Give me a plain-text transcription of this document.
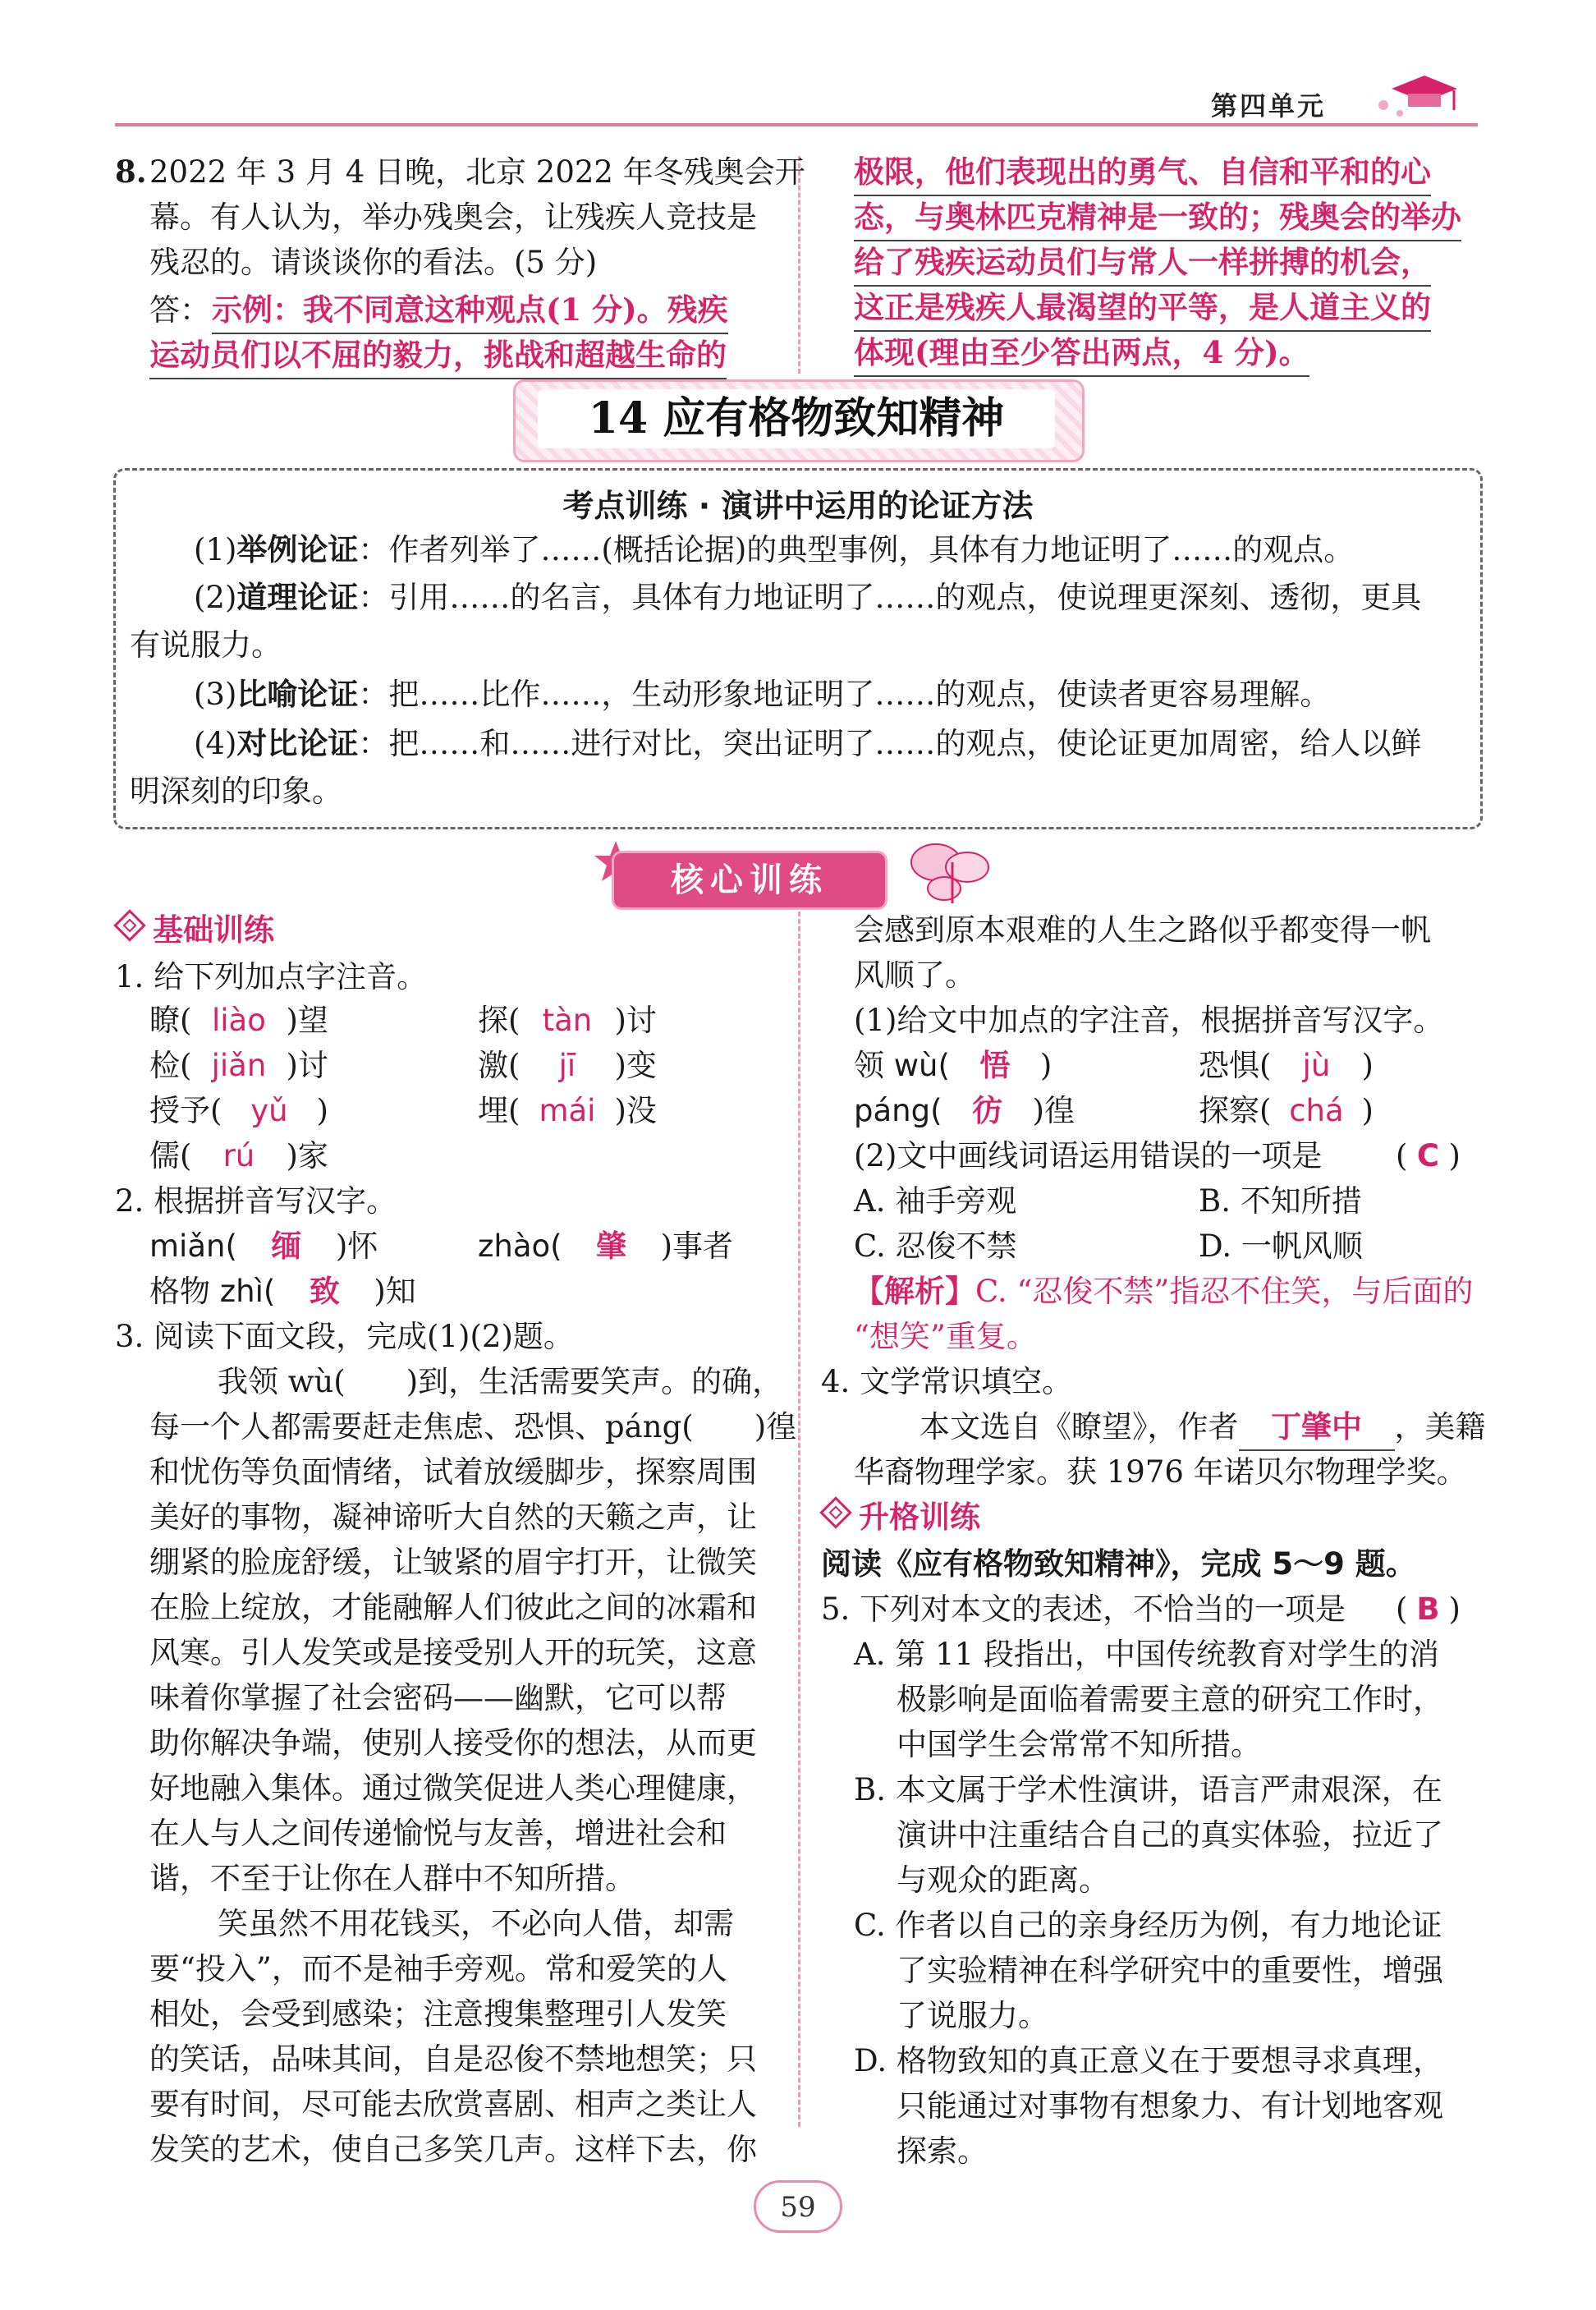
第四单元
8. 2022 年 3 月 4 日晚，北京 2022 年冬残奥会开
幕。有人认为，举办残奥会，让残疾人竞技是
残忍的。请谈谈你的看法。(5 分)
答： 示例：我不同意这种观点(1 分)。残疾
运动员们以不屈的毅力，挑战和超越生命的
极限，他们表现出的勇气、自信和平和的心
态，与奥林匹克精神是一致的；残奥会的举办
给了残疾运动员们与常人一样拼搏的机会，
这正是残疾人最渴望的平等，是人道主义的
体现(理由至少答出两点，4 分)。
14 应有格物致知精神
考点训练 · 演讲中运用的论证方法
(1)举例论证：作者列举了……(概括论据)的典型事例，具体有力地证明了……的观点。
(2)道理论证：引用……的名言，具体有力地证明了……的观点，使说理更深刻、透彻，更具
有说服力。
(3)比喻论证：把……比作……，生动形象地证明了……的观点，使读者更容易理解。
(4)对比论证：把……和……进行对比，突出证明了……的观点，使论证更加周密，给人以鲜
明深刻的印象。
核心训练
基础训练
1. 给下列加点字注音。
瞭( liào )望	探( tàn )讨
检( jiǎn )讨	激( jī )变
授予( yǔ )	埋( mái )没
儒( rú )家
2. 根据拼音写汉字。
miǎn( 缅 )怀	zhào( 肇 )事者
格物 zhì( 致 )知
3. 阅读下面文段，完成(1)(2)题。
我领 wù(　　)到，生活需要笑声。的确，
每一个人都需要赶走焦虑、恐惧、páng(　　)徨
和忧伤等负面情绪，试着放缓脚步，探察周围
美好的事物，凝神谛听大自然的天籁之声，让
绷紧的脸庞舒缓，让皱紧的眉宇打开，让微笑
在脸上绽放，才能融解人们彼此之间的冰霜和
风寒。引人发笑或是接受别人开的玩笑，这意
味着你掌握了社会密码——幽默，它可以帮
助你解决争端，使别人接受你的想法，从而更
好地融入集体。通过微笑促进人类心理健康，
在人与人之间传递愉悦与友善，增进社会和
谐，不至于让你在人群中不知所措。
笑虽然不用花钱买，不必向人借，却需
要“投入”，而不是袖手旁观。常和爱笑的人
相处，会受到感染；注意搜集整理引人发笑
的笑话，品味其间，自是忍俊不禁地想笑；只
要有时间，尽可能去欣赏喜剧、相声之类让人
发笑的艺术，使自己多笑几声。这样下去，你
会感到原本艰难的人生之路似乎都变得一帆
风顺了。
(1)给文中加点的字注音，根据拼音写汉字。
领 wù( 悟 )	恐惧( jù )
páng( 彷 )徨	探察( chá )
(2)文中画线词语运用错误的一项是 ( C )
A. 袖手旁观	B. 不知所措
C. 忍俊不禁	D. 一帆风顺
【解析】C. “忍俊不禁”指忍不住笑，与后面的
“想笑”重复。
4. 文学常识填空。
本文选自《瞭望》，作者 丁肇中 ，美籍
华裔物理学家。获 1976 年诺贝尔物理学奖。
升格训练
阅读《应有格物致知精神》，完成 5～9 题。
5. 下列对本文的表述，不恰当的一项是 ( B )
A. 第 11 段指出，中国传统教育对学生的消
极影响是面临着需要主意的研究工作时，
中国学生会常常不知所措。
B. 本文属于学术性演讲，语言严肃艰深，在
演讲中注重结合自己的真实体验，拉近了
与观众的距离。
C. 作者以自己的亲身经历为例，有力地论证
了实验精神在科学研究中的重要性，增强
了说服力。
D. 格物致知的真正意义在于要想寻求真理，
只能通过对事物有想象力、有计划地客观
探索。
59
